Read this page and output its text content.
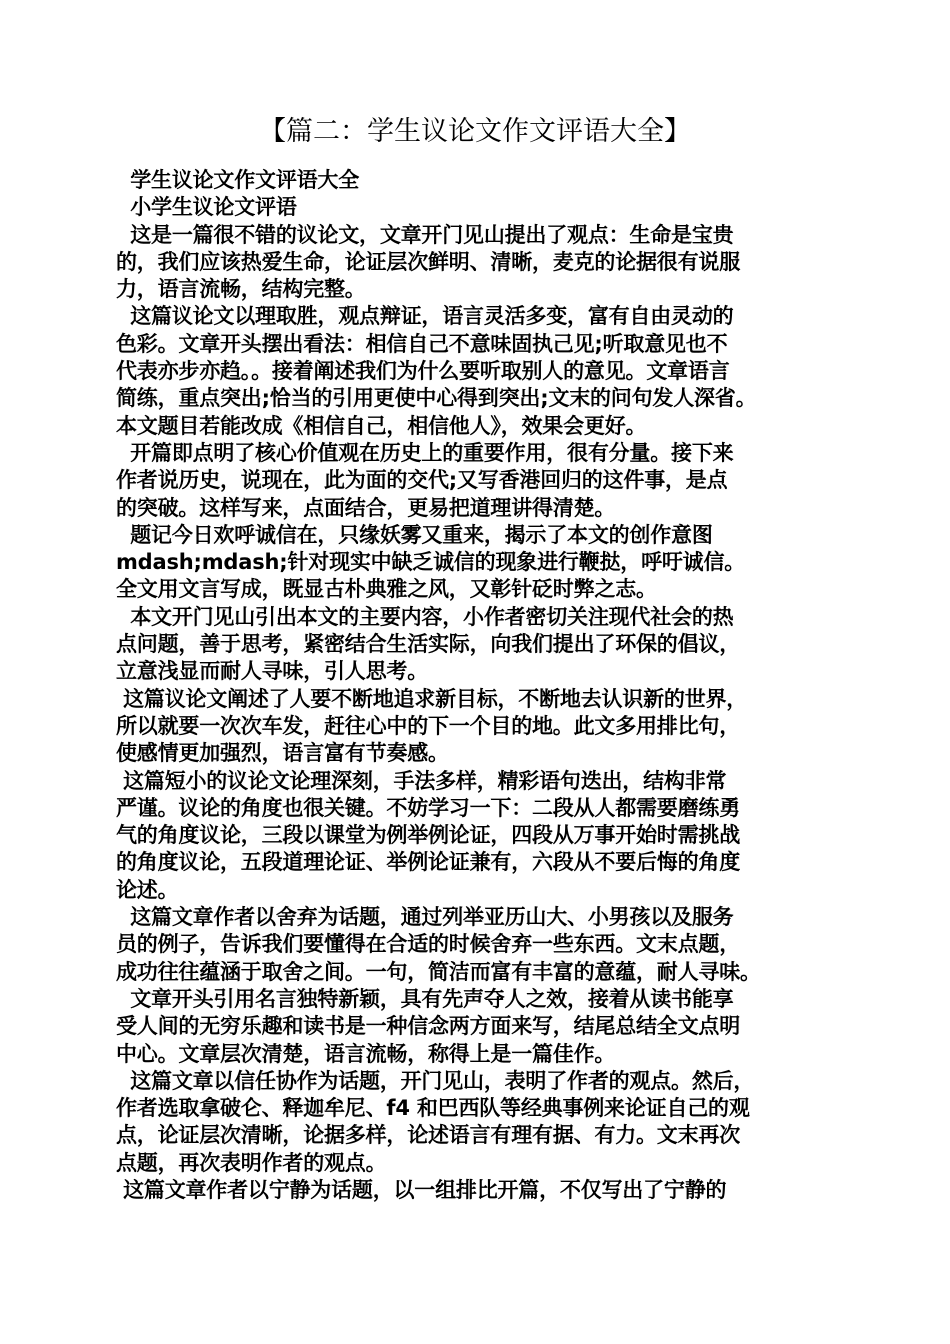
【篇二：学生议论文作文评语大全】
学生议论文作文评语大全
小学生议论文评语
这是一篇很不错的议论文，文章开门见山提出了观点：生命是宝贵
的，我们应该热爱生命，论证层次鲜明、清晰，麦克的论据很有说服
力，语言流畅，结构完整。
这篇议论文以理取胜，观点辩证，语言灵活多变，富有自由灵动的
色彩。文章开头摆出看法：相信自己不意味固执己见;听取意见也不
代表亦步亦趋。。接着阐述我们为什么要听取别人的意见。文章语言
简练，重点突出;恰当的引用更使中心得到突出;文末的问句发人深省。
本文题目若能改成《相信自己，相信他人》，效果会更好。
开篇即点明了核心价值观在历史上的重要作用，很有分量。接下来
作者说历史，说现在，此为面的交代;又写香港回归的这件事，是点
的突破。这样写来，点面结合，更易把道理讲得清楚。
题记今日欢呼诚信在，只缘妖雾又重来，揭示了本文的创作意图
mdash;mdash;针对现实中缺乏诚信的现象进行鞭挞，呼吁诚信。
全文用文言写成，既显古朴典雅之风，又彰针砭时弊之志。
本文开门见山引出本文的主要内容，小作者密切关注现代社会的热
点问题，善于思考，紧密结合生活实际，向我们提出了环保的倡议，
立意浅显而耐人寻味，引人思考。
这篇议论文阐述了人要不断地追求新目标，不断地去认识新的世界，
所以就要一次次车发，赶往心中的下一个目的地。此文多用排比句，
使感情更加强烈，语言富有节奏感。
这篇短小的议论文论理深刻，手法多样，精彩语句迭出，结构非常
严谨。议论的角度也很关键。不妨学习一下：二段从人都需要磨练勇
气的角度议论，三段以课堂为例举例论证，四段从万事开始时需挑战
的角度议论，五段道理论证、举例论证兼有，六段从不要后悔的角度
论述。
这篇文章作者以舍弃为话题，通过列举亚历山大、小男孩以及服务
员的例子，告诉我们要懂得在合适的时候舍弃一些东西。文末点题，
成功往往蕴涵于取舍之间。一句，简洁而富有丰富的意蕴，耐人寻味。
文章开头引用名言独特新颖，具有先声夺人之效，接着从读书能享
受人间的无穷乐趣和读书是一种信念两方面来写，结尾总结全文点明
中心。文章层次清楚，语言流畅，称得上是一篇佳作。
这篇文章以信任协作为话题，开门见山，表明了作者的观点。然后，
作者选取拿破仑、释迦牟尼、f4 和巴西队等经典事例来论证自己的观
点，论证层次清晰，论据多样，论述语言有理有据、有力。文末再次
点题，再次表明作者的观点。
这篇文章作者以宁静为话题，以一组排比开篇，不仅写出了宁静的
